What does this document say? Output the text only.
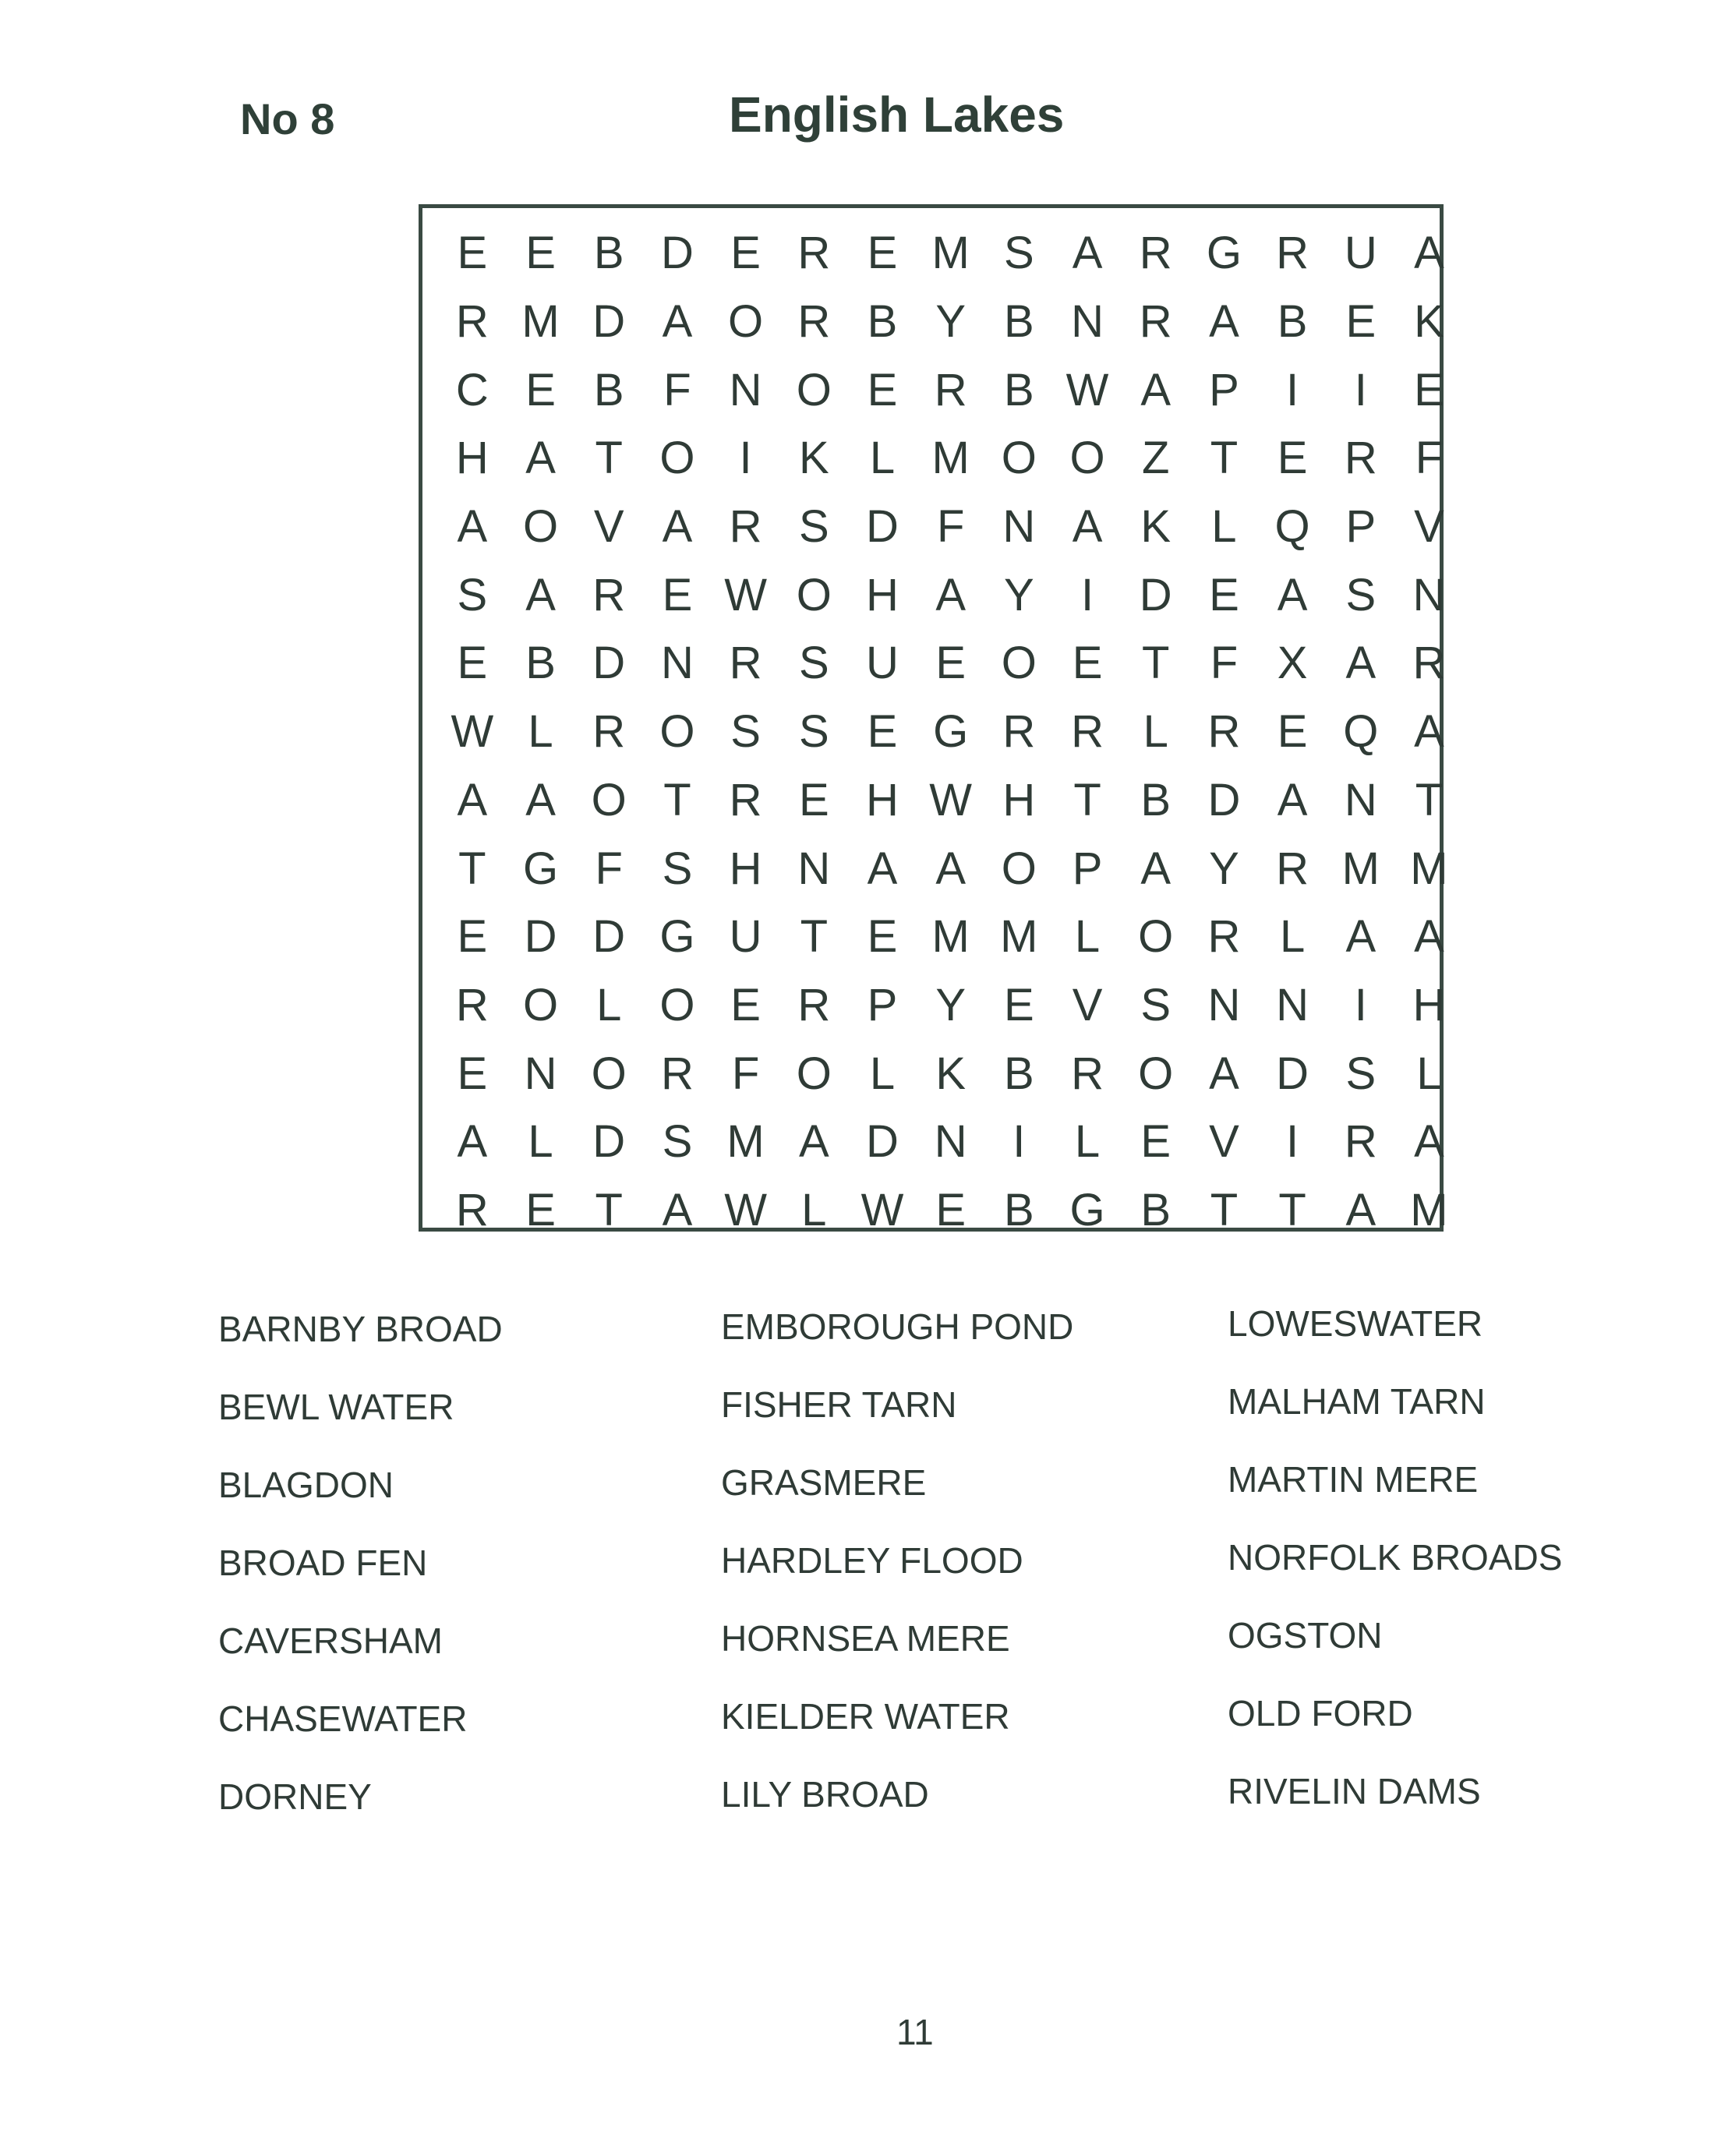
No 8	English Lakes
E E B D E R E M S A R G R U A
R M D A O R B Y B N R A B E K
C E B F N O E R B W A P	I	I	E
H A T O I	K L M O O Z T E R F
A O V A R S D F N A K L Q P V
S A R E W O H A Y	I	D E A S N
E B D N R S U E O E T F X A R
W L R O S S E G R R L R E Q A
A A O T R E H W H T B D A N T
T G F S H N A A O P A Y R M M
E D D G U T E M M L O R L A A
R O L O E R P Y E V S N N	I	H
E N O R F O L K B R O A D S L
A L D S M A D N	I	L E V	I	R A
R E T A W L W E B G B T T A M
BARNBY BROAD
BEWL WATER
BLAGDON
BROAD FEN
CAVERSHAM
CHASEWATER
DORNEY
EMBOROUGH POND
FISHER TARN
GRASMERE
HARDLEY FLOOD
HORNSEA MERE
KIELDER WATER
LILY BROAD
LOWESWATER
MALHAM TARN
MARTIN MERE
NORFOLK BROADS
OGSTON
OLD FORD
RIVELIN DAMS
11
